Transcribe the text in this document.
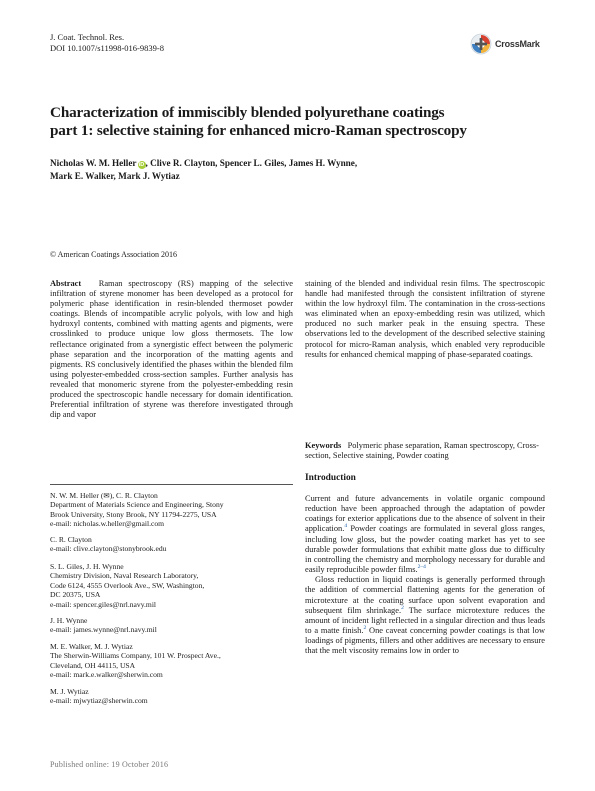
J. Coat. Technol. Res.
DOI 10.1007/s11998-016-9839-8	CrossMark
Characterization of immiscibly blended polyurethane coatings
part 1: selective staining for enhanced micro-Raman spectroscopy
Nicholas W. M. Heller iD, Clive R. Clayton, Spencer L. Giles, James H. Wynne,
Mark E. Walker, Mark J. Wytiaz
© American Coatings Association 2016
Abstract Raman spectroscopy (RS) mapping of the selective infiltration of styrene monomer has been developed as a protocol for polymeric phase identification in resin-blended thermoset powder coatings. Blends of incompatible acrylic polyols, with low and high hydroxyl contents, combined with matting agents and pigments, were crosslinked to produce unique low gloss thermosets. The low reflectance originated from a synergistic effect between the polymeric phase separation and the incorporation of the matting agents and pigments. RS conclusively identified the phases within the blended film using polyester-embedded cross-section samples. Further analysis has revealed that monomeric styrene from the polyester-embedding resin produced the spectroscopic handle necessary for domain identification. Preferential infiltration of styrene was therefore investigated through dip and vapor
staining of the blended and individual resin films. The spectroscopic handle had manifested through the consistent infiltration of styrene within the low hydroxyl film. The contamination in the cross-sections was eliminated when an epoxy-embedding resin was utilized, which produced no such marker peak in the ensuing spectra. These observations led to the development of the described selective staining protocol for micro-Raman analysis, which enabled very reproducible results for enhanced chemical mapping of phase-separated coatings.
Keywords Polymeric phase separation, Raman spectroscopy, Cross-section, Selective staining, Powder coating
Introduction

Current and future advancements in volatile organic compound reduction have been approached through the adaptation of powder coatings for exterior applications due to the absence of solvent in their application.$^4$ Powder coatings are formulated in several gloss ranges, including low gloss, but the powder coating market has yet to see durable powder formulations that exhibit matte gloss due to difficulty in controlling the chemistry and morphology necessary for durable and easily reproducible powder films.$^{2-4}$

Gloss reduction in liquid coatings is generally performed through the addition of commercial flattening agents for the generation of microtexture at the coating surface upon solvent evaporation and subsequent film shrinkage.$^2$ The surface microtexture reduces the amount of incident light reflected in a singular direction and thus leads to a matte finish.$^2$ One caveat concerning powder coatings is that low loadings of pigments, fillers and other additives are necessary to ensure that the melt viscosity remains low in order to

N. W. M. Heller (✉), C. R. Clayton
Department of Materials Science and Engineering, Stony
Brook University, Stony Brook, NY 11794-2275, USA
e-mail: nicholas.w.heller@gmail.com
C. R. Clayton
e-mail: clive.clayton@stonybrook.edu
S. L. Giles, J. H. Wynne
Chemistry Division, Naval Research Laboratory,
Code 6124, 4555 Overlook Ave., SW, Washington,
DC 20375, USA
e-mail: spencer.giles@nrl.navy.mil
J. H. Wynne
e-mail: james.wynne@nrl.navy.mil
M. E. Walker, M. J. Wytiaz
The Sherwin-Williams Company, 101 W. Prospect Ave.,
Cleveland, OH 44115, USA
e-mail: mark.e.walker@sherwin.com
M. J. Wytiaz
e-mail: mjwytiaz@sherwin.com
Published online: 19 October 2016
